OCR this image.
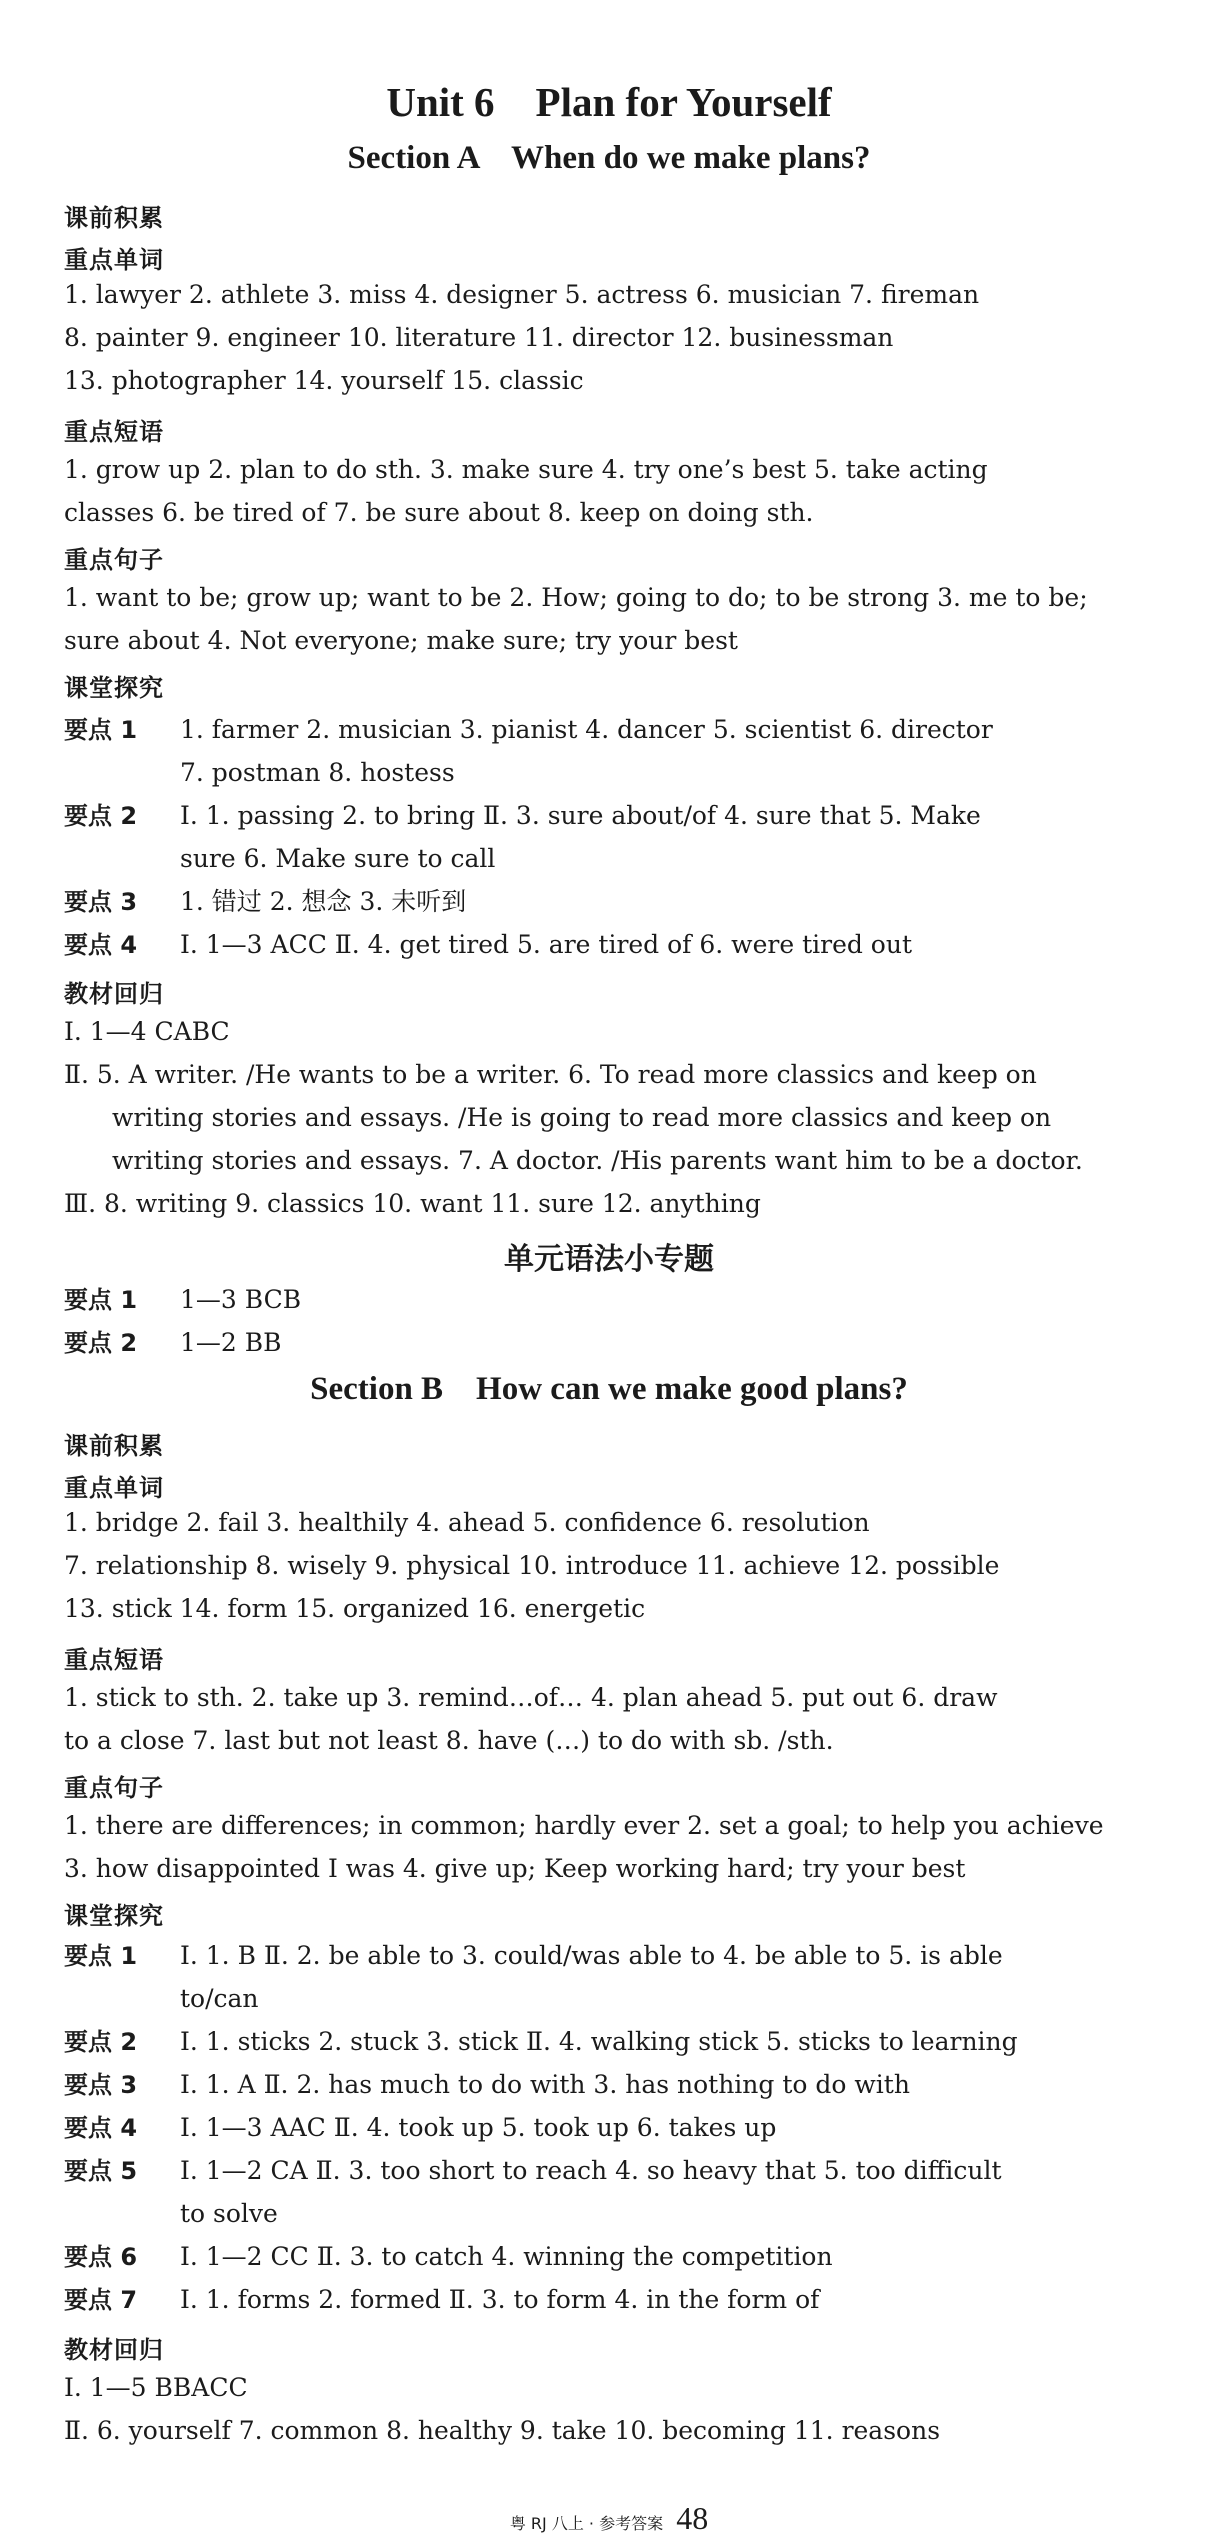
Unit 6    Plan for Yourself
Section A    When do we make plans?
课前积累
重点单词
1. lawyer 2. athlete 3. miss 4. designer 5. actress 6. musician 7. fireman
8. painter 9. engineer 10. literature 11. director 12. businessman
13. photographer 14. yourself 15. classic
重点短语
1. grow up 2. plan to do sth. 3. make sure 4. try one’s best 5. take acting
classes 6. be tired of 7. be sure about 8. keep on doing sth.
重点句子
1. want to be; grow up; want to be 2. How; going to do; to be strong 3. me to be;
sure about 4. Not everyone; make sure; try your best
课堂探究
要点 1 1. farmer 2. musician 3. pianist 4. dancer 5. scientist 6. director
7. postman 8. hostess
要点 2 Ⅰ. 1. passing 2. to bring Ⅱ. 3. sure about/of 4. sure that 5. Make
sure 6. Make sure to call
要点 3 1. 错过 2. 想念 3. 未听到
要点 4 Ⅰ. 1—3 ACC Ⅱ. 4. get tired 5. are tired of 6. were tired out
教材回归
Ⅰ. 1—4 CABC
Ⅱ. 5. A writer. /He wants to be a writer. 6. To read more classics and keep on
writing stories and essays. /He is going to read more classics and keep on
writing stories and essays. 7. A doctor. /His parents want him to be a doctor.
Ⅲ. 8. writing 9. classics 10. want 11. sure 12. anything
单元语法小专题
要点 1 1—3 BCB
要点 2 1—2 BB
Section B    How can we make good plans?
课前积累
重点单词
1. bridge 2. fail 3. healthily 4. ahead 5. confidence 6. resolution
7. relationship 8. wisely 9. physical 10. introduce 11. achieve 12. possible
13. stick 14. form 15. organized 16. energetic
重点短语
1. stick to sth. 2. take up 3. remind…of… 4. plan ahead 5. put out 6. draw
to a close 7. last but not least 8. have (…) to do with sb. /sth.
重点句子
1. there are differences; in common; hardly ever 2. set a goal; to help you achieve
3. how disappointed I was 4. give up; Keep working hard; try your best
课堂探究
要点 1 Ⅰ. 1. B Ⅱ. 2. be able to 3. could/was able to 4. be able to 5. is able
to/can
要点 2 Ⅰ. 1. sticks 2. stuck 3. stick Ⅱ. 4. walking stick 5. sticks to learning
要点 3 Ⅰ. 1. A Ⅱ. 2. has much to do with 3. has nothing to do with
要点 4 Ⅰ. 1—3 AAC Ⅱ. 4. took up 5. took up 6. takes up
要点 5 Ⅰ. 1—2 CA Ⅱ. 3. too short to reach 4. so heavy that 5. too difficult
to solve
要点 6 Ⅰ. 1—2 CC Ⅱ. 3. to catch 4. winning the competition
要点 7 Ⅰ. 1. forms 2. formed Ⅱ. 3. to form 4. in the form of
教材回归
Ⅰ. 1—5 BBACC
Ⅱ. 6. yourself 7. common 8. healthy 9. take 10. becoming 11. reasons
粤 RJ 八上 · 参考答案 48
